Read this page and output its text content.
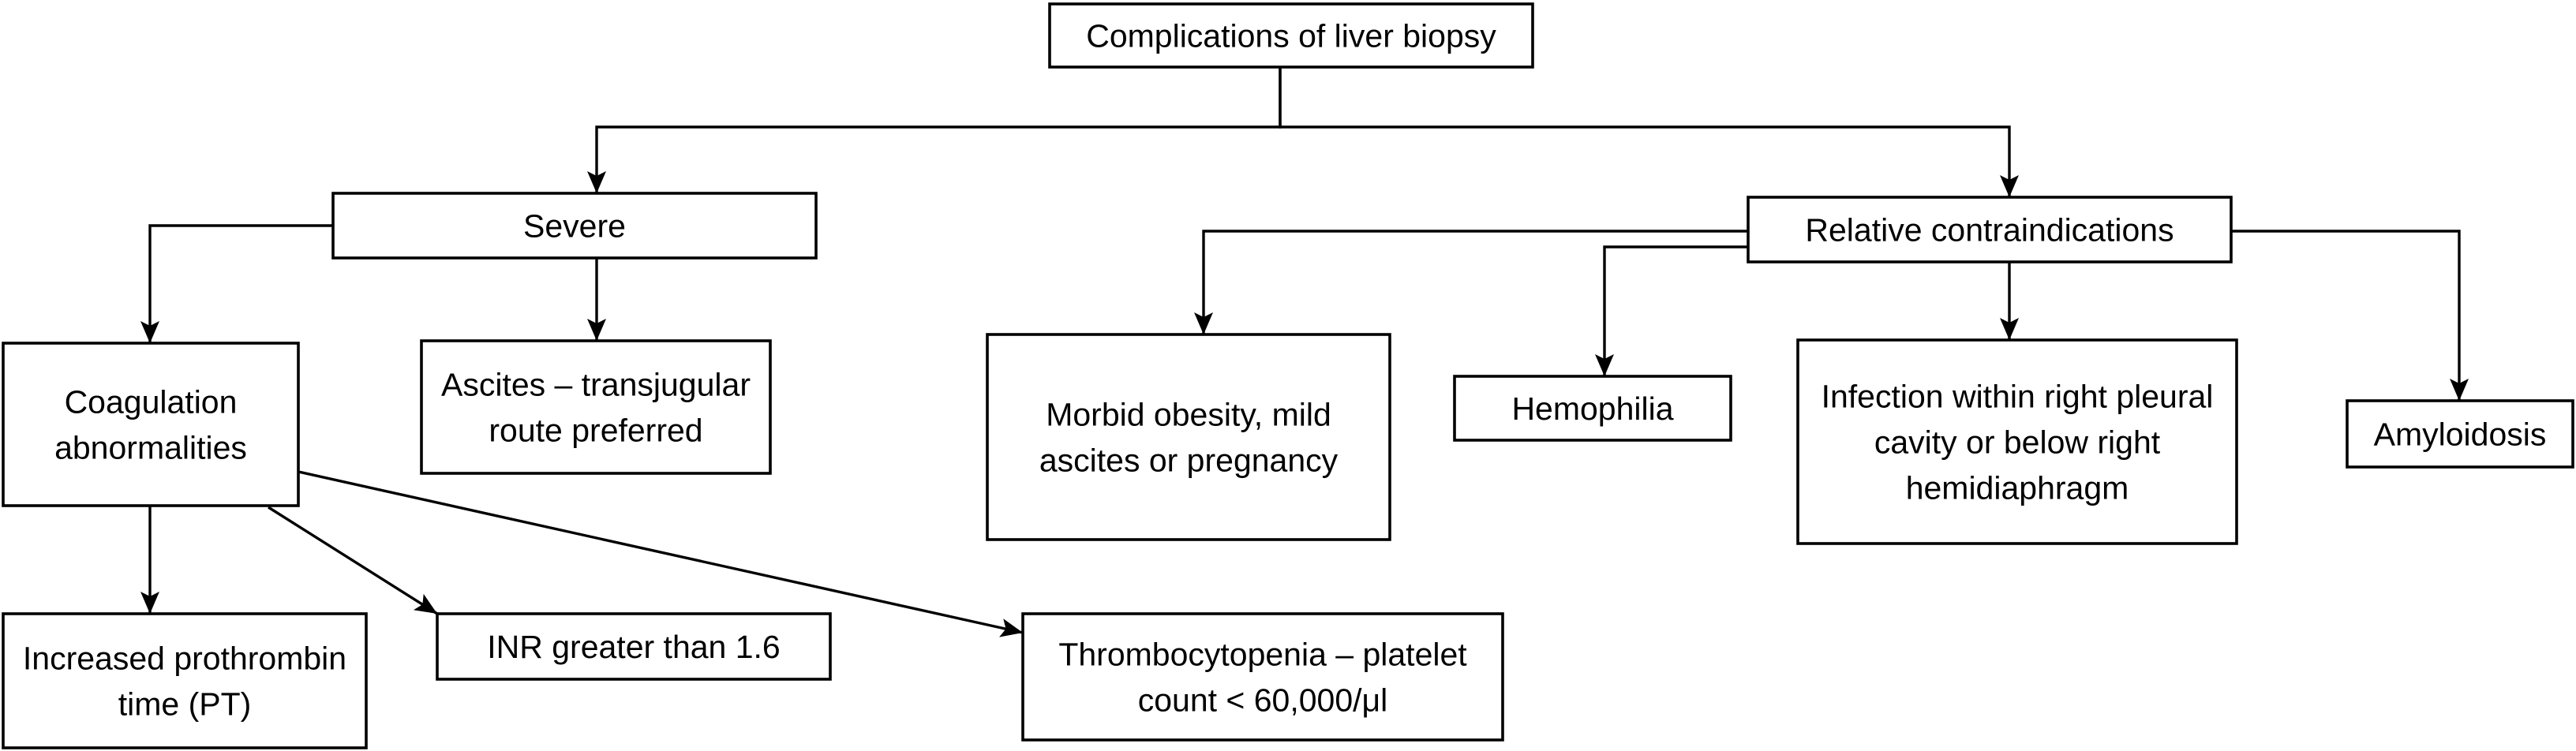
Complications of liver biopsy
Severe	Relative contraindications
Coagulation abnormalities
Ascites – transjugular route preferred
Increased prothrombin time (PT)
INR greater than 1.6	Thrombocytopenia – platelet count < 60,000/μl
Morbid obesity, mild ascites or pregnancy
Hemophilia	Infection within right pleural cavity or below right hemidiaphragm
Amyloidosis
